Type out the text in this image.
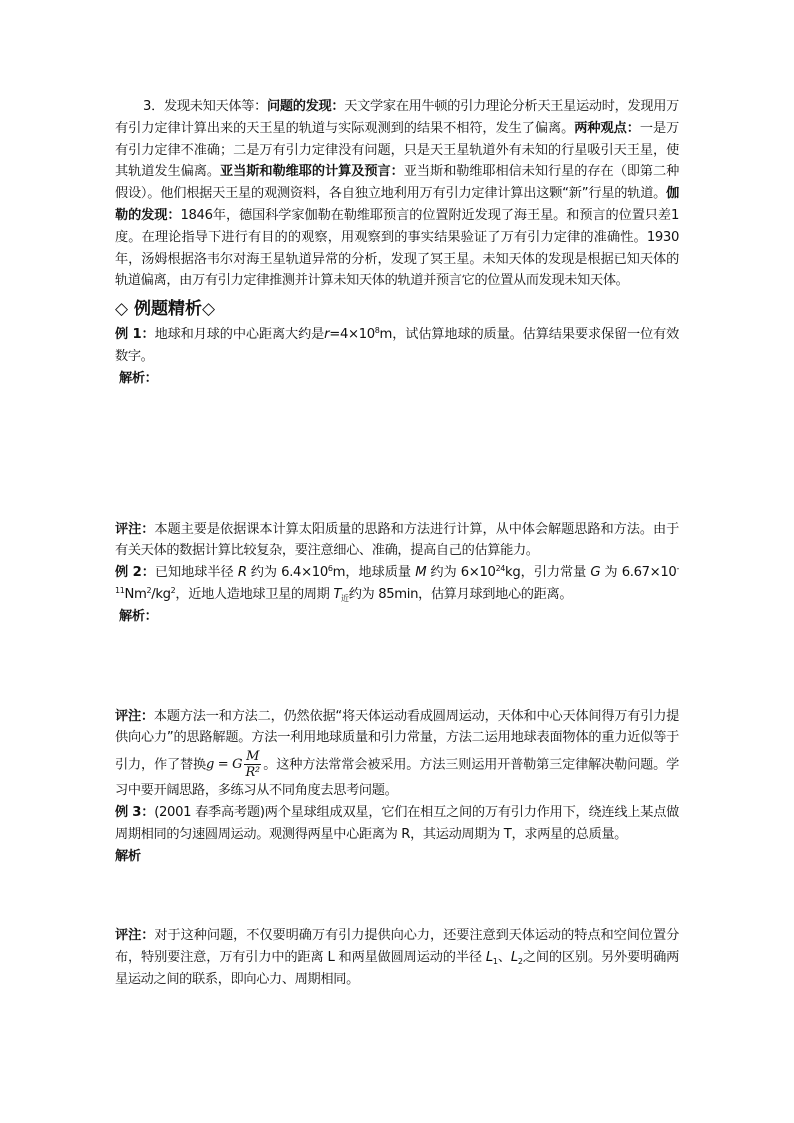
3．发现未知天体等：问题的发现：天文学家在用牛顿的引力理论分析天王星运动时，发现用万有引力定律计算出来的天王星的轨道与实际观测到的结果不相符，发生了偏离。两种观点：一是万有引力定律不准确；二是万有引力定律没有问题，只是天王星轨道外有未知的行星吸引天王星，使其轨道发生偏离。亚当斯和勒维耶的计算及预言：亚当斯和勒维耶相信未知行星的存在（即第二种假设）。他们根据天王星的观测资料，各自独立地利用万有引力定律计算出这颗“新”行星的轨道。伽勒的发现：1846年，德国科学家伽勒在勒维耶预言的位置附近发现了海王星。和预言的位置只差1度。在理论指导下进行有目的的观察，用观察到的事实结果验证了万有引力定律的准确性。1930年，汤姆根据洛韦尔对海王星轨道异常的分析，发现了冥王星。未知天体的发现是根据已知天体的轨道偏离，由万有引力定律推测并计算未知天体的轨道并预言它的位置从而发现未知天体。

◇ 例题精析◇

例 1：地球和月球的中心距离大约是$r=4\times 10^8m$，试估算地球的质量。估算结果要求保留一位有效数字。

解析：

评注：本题主要是依据课本计算太阳质量的思路和方法进行计算，从中体会解题思路和方法。由于有关天体的数据计算比较复杂，要注意细心、准确，提高自己的估算能力。

例 2：已知地球半径 R 约为 $6.4\times 10^6m$，地球质量 M 约为 $6\times 10^{24}kg$，引力常量 G 为 $6.67\times 10^{-11}Nm^2/kg^2$，近地人造地球卫星的周期 $T_近$约为 85min，估算月球到地心的距离。

解析：

评注：本题方法一和方法二，仍然依据“将天体运动看成圆周运动，天体和中心天体间得万有引力提供向心力”的思路解题。方法一利用地球质量和引力常量，方法二运用地球表面物体的重力近似等于引力，作了替换g = G $\frac{M}{\text{R²}}$ 。这种方法常常会被采用。方法三则运用开普勒第三定律解决勒问题。学习中要开阔思路，多练习从不同角度去思考问题。

例 3：(2001 春季高考题)两个星球组成双星，它们在相互之间的万有引力作用下，绕连线上某点做周期相同的匀速圆周运动。观测得两星中心距离为 R，其运动周期为 T，求两星的总质量。

解析

评注：对于这种问题，不仅要明确万有引力提供向心力，还要注意到天体运动的特点和空间位置分布，特别要注意，万有引力中的距离 L 和两星做圆周运动的半径 $L_1$、$L_2$之间的区别。另外要明确两星运动之间的联系，即向心力、周期相同。
